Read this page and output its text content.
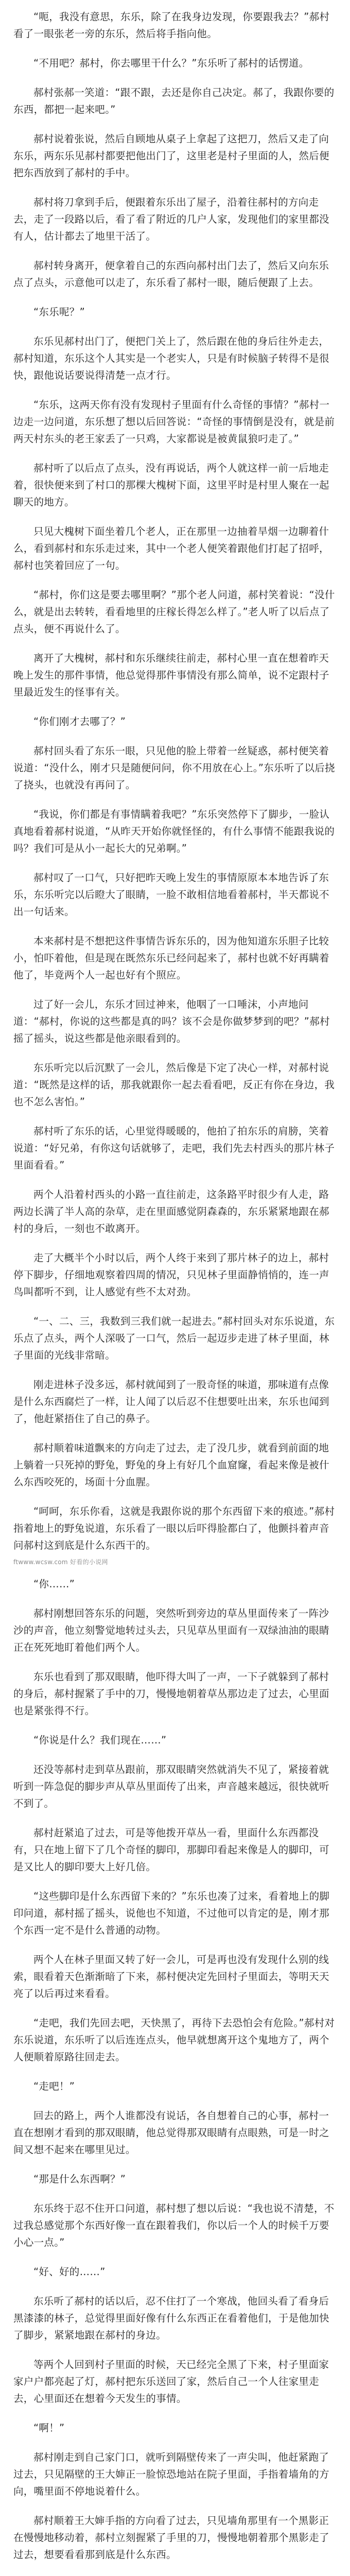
“呃，我没有意思，东乐，除了在我身边发现，你要跟我去？”郝村看了一眼张老一旁的东乐，然后将手指向他。

“不用吧？郝村，你去哪里干什么？”东乐听了郝村的话愣道。

郝村张郝一笑道：“跟不跟，去还是你自己决定。郝了，我跟你要的东西，都把一起来吧。”

郝村说着张说，然后自顾地从桌子上拿起了这把刀，然后又走了向东乐，两东乐见郝村都要把他出门了，这里老是村子里面的人，然后便把东西放到了郝村的手中。

郝村将刀拿到手后，便跟着东乐出了屋子，沿着往郝村的方向走去，走了一段路以后，看了看了附近的几户人家，发现他们的家里都没有人，估计都去了地里干活了。

郝村转身离开，便拿着自己的东西向郝村出门去了，然后又向东乐点了点头，示意他可以走了，东乐看了郝村一眼，随后便跟了上去。

“东乐呢？”

东乐见郝村出门了，便把门关上了，然后跟在他的身后往外走去，郝村知道，东乐这个人其实是一个老实人，只是有时候脑子转得不是很快，跟他说话要说得清楚一点才行。

“东乐，这两天你有没有发现村子里面有什么奇怪的事情？”郝村一边走一边问道，东乐想了想以后回答说：“奇怪的事情倒是没有，就是前两天村东头的老王家丢了一只鸡，大家都说是被黄鼠狼叼走了。”

郝村听了以后点了点头，没有再说话，两个人就这样一前一后地走着，很快便来到了村口的那棵大槐树下面，这里平时是村里人聚在一起聊天的地方。

只见大槐树下面坐着几个老人，正在那里一边抽着旱烟一边聊着什么，看到郝村和东乐走过来，其中一个老人便笑着跟他们打起了招呼，郝村也笑着回应了一句。

“郝村，你们这是要去哪里啊？”那个老人问道，郝村笑着说：“没什么，就是出去转转，看看地里的庄稼长得怎么样了。”老人听了以后点了点头，便不再说什么了。

离开了大槐树，郝村和东乐继续往前走，郝村心里一直在想着昨天晚上发生的那件事情，他总觉得那件事情没有那么简单，说不定跟村子里最近发生的怪事有关。

“你们刚才去哪了？”

郝村回头看了东乐一眼，只见他的脸上带着一丝疑惑，郝村便笑着说道：“没什么，刚才只是随便问问，你不用放在心上。”东乐听了以后挠了挠头，也就没有再问了。

“我说，你们都是有事情瞒着我吧？”东乐突然停下了脚步，一脸认真地看着郝村说道，“从昨天开始你就怪怪的，有什么事情不能跟我说的吗？我们可是从小一起长大的兄弟啊。”

郝村叹了一口气，只好把昨天晚上发生的事情原原本本地告诉了东乐，东乐听完以后瞪大了眼睛，一脸不敢相信地看着郝村，半天都说不出一句话来。

本来郝村是不想把这件事情告诉东乐的，因为他知道东乐胆子比较小，怕吓着他，但是现在既然东乐已经问起来了，郝村也就不好再瞒着他了，毕竟两个人一起也好有个照应。

过了好一会儿，东乐才回过神来，他咽了一口唾沫，小声地问道：“郝村，你说的这些都是真的吗？该不会是你做梦梦到的吧？”郝村摇了摇头，说这些都是他亲眼看到的。

东乐听完以后沉默了一会儿，然后像是下定了决心一样，对郝村说道：“既然是这样的话，那我就跟你一起去看看吧，反正有你在身边，我也不怎么害怕。”

郝村听了东乐的话，心里觉得暖暖的，他拍了拍东乐的肩膀，笑着说道：“好兄弟，有你这句话就够了，走吧，我们先去村西头的那片林子里面看看。”

两个人沿着村西头的小路一直往前走，这条路平时很少有人走，路两边长满了半人高的杂草，走在里面感觉阴森森的，东乐紧紧地跟在郝村的身后，一刻也不敢离开。

走了大概半个小时以后，两个人终于来到了那片林子的边上，郝村停下脚步，仔细地观察着四周的情况，只见林子里面静悄悄的，连一声鸟叫都听不到，让人感觉有些不太对劲。

“一、二、三，我数到三我们就一起进去。”郝村回头对东乐说道，东乐点了点头，两个人深吸了一口气，然后一起迈步走进了林子里面，林子里面的光线非常暗。

刚走进林子没多远，郝村就闻到了一股奇怪的味道，那味道有点像是什么东西腐烂了一样，让人闻了以后忍不住想要吐出来，东乐也闻到了，他赶紧捂住了自己的鼻子。

郝村顺着味道飘来的方向走了过去，走了没几步，就看到前面的地上躺着一只死掉的野兔，野兔的身上有好几个血窟窿，看起来像是被什么东西咬死的，场面十分血腥。

“呵呵，东乐你看，这就是我跟你说的那个东西留下来的痕迹。”郝村指着地上的野兔说道，东乐看了一眼以后吓得脸都白了，他颤抖着声音问郝村这到底是什么东西干的。

ftwww.wcsw.com 好看的小说网

“你……”

郝村刚想回答东乐的问题，突然听到旁边的草丛里面传来了一阵沙沙的声音，他立刻警觉地转过头去，只见草丛里面有一双绿油油的眼睛正在死死地盯着他们两个人。

东乐也看到了那双眼睛，他吓得大叫了一声，一下子就躲到了郝村的身后，郝村握紧了手中的刀，慢慢地朝着草丛那边走了过去，心里面也是紧张得不行。

“你说是什么？我们现在……”

还没等郝村走到草丛跟前，那双眼睛突然就消失不见了，紧接着就听到一阵急促的脚步声从草丛里面传了出来，声音越来越远，很快就听不到了。

郝村赶紧追了过去，可是等他拨开草丛一看，里面什么东西都没有，只在地上留下了几个奇怪的脚印，那脚印看起来像是人的脚印，可是又比人的脚印要大上好几倍。

“这些脚印是什么东西留下来的？”东乐也凑了过来，看着地上的脚印问道，郝村摇了摇头，说他也不知道，不过他可以肯定的是，刚才那个东西一定不是什么普通的动物。

两个人在林子里面又转了好一会儿，可是再也没有发现什么别的线索，眼看着天色渐渐暗了下来，郝村便决定先回村子里面去，等明天天亮了以后再过来看看。

“走吧，我们先回去吧，天快黑了，再待下去恐怕会有危险。”郝村对东乐说道，东乐听了以后连连点头，他早就想离开这个鬼地方了，两个人便顺着原路往回走去。

“走吧！”

回去的路上，两个人谁都没有说话，各自想着自己的心事，郝村一直在想刚才看到的那双眼睛，他总觉得那双眼睛有点眼熟，可是一时之间又想不起来在哪里见过。

“那是什么东西啊？”

东乐终于忍不住开口问道，郝村想了想以后说：“我也说不清楚，不过我总感觉那个东西好像一直在跟着我们，你以后一个人的时候千万要小心一点。”

“好、好的……”

东乐听了郝村的话以后，忍不住打了一个寒战，他回头看了看身后黑漆漆的林子，总觉得里面好像有什么东西正在看着他们，于是他加快了脚步，紧紧地跟在郝村的身边。

等两个人回到村子里面的时候，天已经完全黑了下来，村子里面家家户户都亮起了灯，郝村把东乐送回了家，然后自己一个人往家里走去，心里面还在想着今天发生的事情。

“啊！”

郝村刚走到自己家门口，就听到隔壁传来了一声尖叫，他赶紧跑了过去，只见隔壁的王大婶正一脸惊恐地站在院子里面，手指着墙角的方向，嘴里面不停地说着什么。

郝村顺着王大婶手指的方向看了过去，只见墙角那里有一个黑影正在慢慢地移动着，郝村立刻握紧了手里的刀，慢慢地朝着那个黑影走了过去，想要看看那到底是什么东西。
